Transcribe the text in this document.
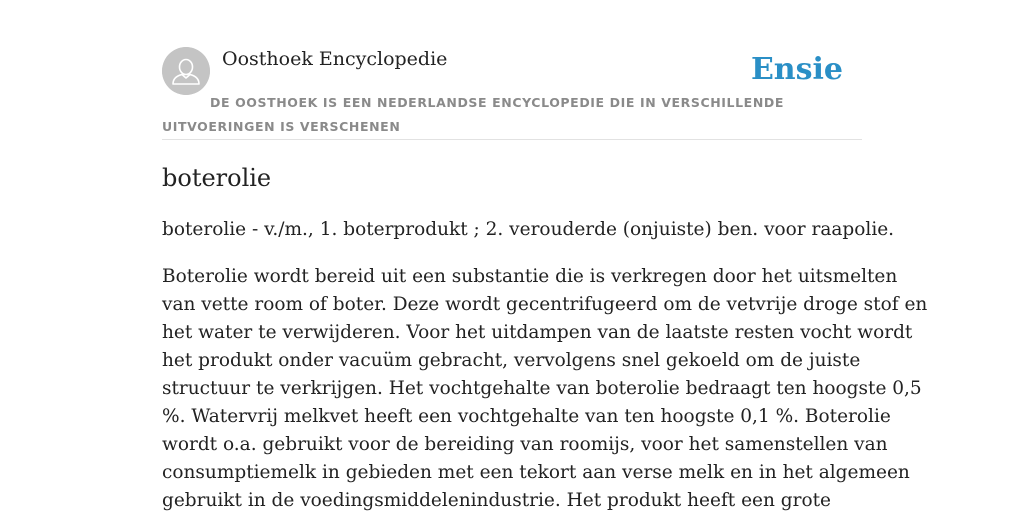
Oosthoek Encyclopedie	Ensie
DE OOSTHOEK IS EEN NEDERLANDSE ENCYCLOPEDIE DIE IN VERSCHILLENDE UITVOERINGEN IS VERSCHENEN
boterolie

boterolie - v./m., 1. boterprodukt ; 2. verouderde (onjuiste) ben. voor raapolie.

Boterolie wordt bereid uit een substantie die is verkregen door het uitsmelten
van vette room of boter. Deze wordt gecentrifugeerd om de vetvrije droge stof en
het water te verwijderen. Voor het uitdampen van de laatste resten vocht wordt
het produkt onder vacuüm gebracht, vervolgens snel gekoeld om de juiste
structuur te verkrijgen. Het vochtgehalte van boterolie bedraagt ten hoogste 0,5
%. Watervrij melkvet heeft een vochtgehalte van ten hoogste 0,1 %. Boterolie
wordt o.a. gebruikt voor de bereiding van roomijs, voor het samenstellen van
consumptiemelk in gebieden met een tekort aan verse melk en in het algemeen
gebruikt in de voedingsmiddelenindustrie. Het produkt heeft een grote
